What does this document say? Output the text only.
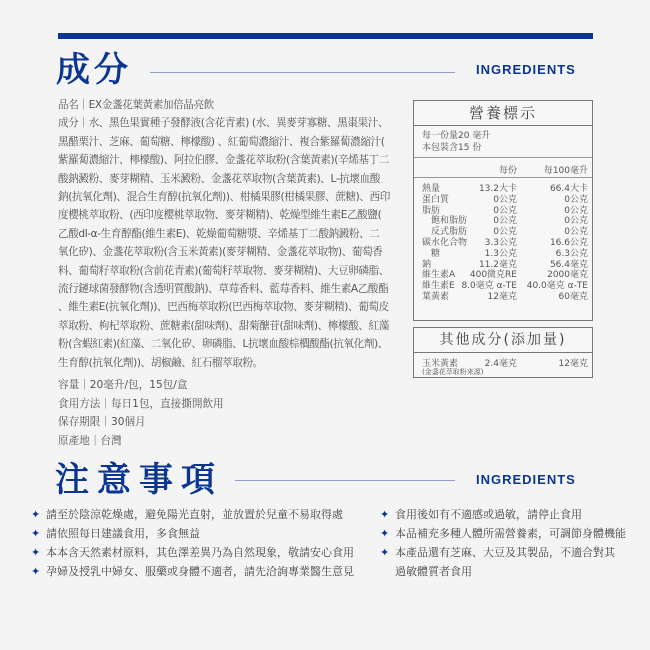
成分	INGREDIENTS
品名｜EX金盞花葉黃素加倍晶亮飲
成分｜水、黑色果實種子發酵液(含花青素) (水、異麥芽寡糖、黑棗果汁、
黑醋栗汁、芝麻、葡萄糖、檸檬酸) 、紅葡萄濃縮汁、複合紫羅蔔濃縮汁(
紫羅蔔濃縮汁、檸檬酸)、阿拉伯膠、金盞花萃取粉(含葉黃素)(辛烯基丁二
酸鈉澱粉、麥芽糊精、玉米澱粉、金盞花萃取物(含葉黃素)、L-抗壞血酸
鈉(抗氧化劑)、混合生育醇(抗氧化劑))、柑橘果膠(柑橘果膠、蔗糖)、西印
度櫻桃萃取粉、(西印度櫻桃萃取物、麥芽糊精)、乾燥型維生素E乙酸鹽(
乙酸dl-α-生育醇酯(維生素E)、乾燥葡萄糖漿、辛烯基丁二酸鈉澱粉、二
氧化矽)、金盞花萃取粉(含玉米黃素)(麥芽糊精、金盞花萃取物)、葡萄香
料、葡萄籽萃取粉(含前花青素)(葡萄籽萃取物、麥芽糊精)、大豆卵磷脂、
流行鏈球菌發酵物(含透明質酸鈉)、草莓香料、藍莓香料、維生素A乙酸酯
、維生素E(抗氧化劑))、巴西梅萃取粉(巴西梅萃取物、麥芽糊精)、葡萄皮
萃取粉、枸杞萃取粉、蔗糖素(甜味劑)、甜菊醣苷(甜味劑)、檸檬酸、紅藻
粉(含蝦紅素)(紅藻、二氧化矽、卵磷脂、L抗壞血酸棕櫚酸酯(抗氧化劑)、
生育醇(抗氧化劑))、胡椒鹼、紅石榴萃取粉。
容量｜20毫升/包，15包/盒
食用方法｜每日1包，直接撕開飲用
保存期限｜30個月
原產地｜台灣
營養標示
每一份量20 毫升
本包裝含15 份
每份	每100毫升
熱量	13.2大卡	66.4大卡
蛋白質	0公克	0公克
脂肪	0公克	0公克
　飽和脂肪	0公克	0公克
　反式脂肪	0公克	0公克
碳水化合物 3.3公克	16.6公克
　糖	1.3公克	6.3公克
鈉	11.2毫克	56.4毫克
維生素A 400微克RE	2000毫克
維生素E 8.0毫克 α-TE 40.0毫克 α-TE
葉黃素	12毫克	60毫克
其他成分(添加量)
玉米黃素
(金盞花萃取粉來源)
2.4毫克	12毫克
注意事項	INGREDIENTS
✦ 請至於陰涼乾燥處，避免陽光直射，並放置於兒童不易取得處
✦ 請依照每日建議食用，多食無益
✦ 本本含天然素材原料，其色澤差異乃為自然現象，敬請安心食用
✦ 孕婦及授乳中婦女、服藥或身體不適者，請先洽詢專業醫生意見
✦ 食用後如有不適感或過敏，請停止食用
✦ 本品補充多種人體所需營養素，可調節身體機能
✦ 本產品還有芝麻、大豆及其製品，不適合對其
過敏體質者食用
